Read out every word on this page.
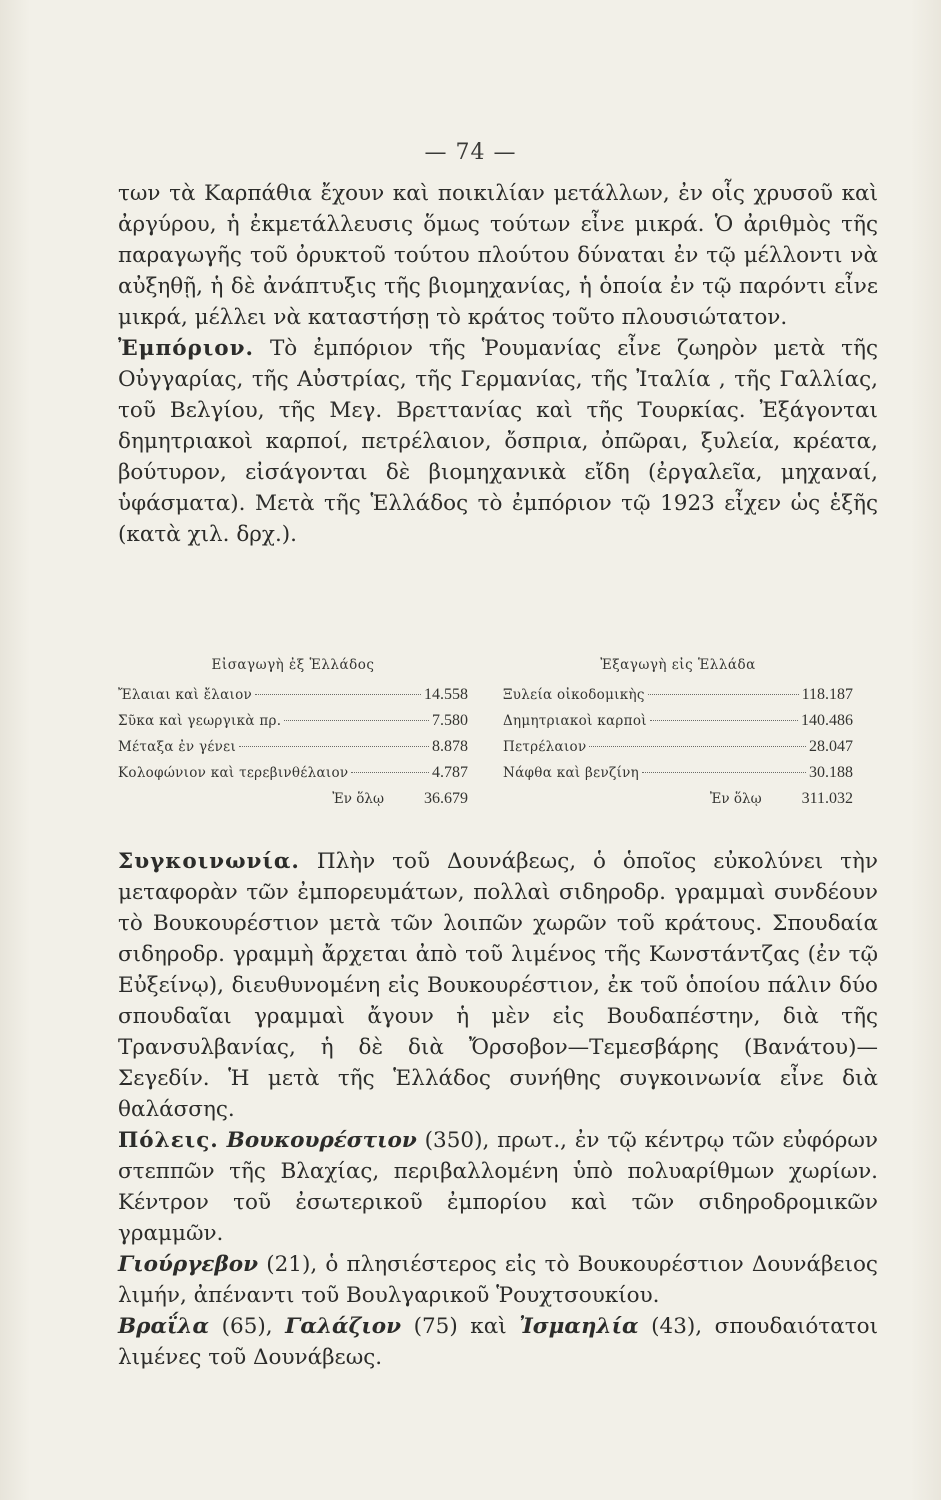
— 74 —

των τὰ Καρπάθια ἔχουν καὶ ποικιλίαν μετάλλων, ἐν οἷς χρυσοῦ καὶ ἀργύρου, ἡ ἐκμετάλλευσις ὅμως τούτων εἶνε μικρά. Ὁ ἀριθμὸς τῆς παραγωγῆς τοῦ ὀρυκτοῦ τούτου πλούτου δύναται ἐν τῷ μέλλοντι νὰ αὐξηθῇ, ἡ δὲ ἀνάπτυξις τῆς βιομηχανίας, ἡ ὁποία ἐν τῷ παρόντι εἶνε μικρά, μέλλει νὰ καταστήσῃ τὸ κράτος τοῦτο πλουσιώτατον.

Ἐμπόριον. Τὸ ἐμπόριον τῆς Ῥουμανίας εἶνε ζωηρὸν μετὰ τῆς Οὐγγαρίας, τῆς Αὐστρίας, τῆς Γερμανίας, τῆς Ἰταλία , τῆς Γαλλίας, τοῦ Βελγίου, τῆς Μεγ. Βρεττανίας καὶ τῆς Τουρκίας. Ἐξάγονται δημητριακοὶ καρποί, πετρέλαιον, ὄσπρια, ὀπῶραι, ξυλεία, κρέατα, βούτυρον, εἰσάγονται δὲ βιομηχανικὰ εἴδη (ἐργαλεῖα, μηχαναί, ὑφάσματα). Μετὰ τῆς Ἑλλάδος τὸ ἐμπόριον τῷ 1923 εἶχεν ὡς ἑξῆς (κατὰ χιλ. δρχ.).

Εἰσαγωγὴ ἐξ Ἑλλάδος
Ἔλαιαι καὶ ἔλαιον	14.558
Σῦκα καὶ γεωργικὰ πρ.	7.580
Μέταξα ἐν γένει	8.878
Κολοφώνιον καὶ τερεβινθέλαιον	4.787
Ἐν ὅλῳ	36.679
Ἐξαγωγὴ εἰς Ἑλλάδα
Ξυλεία οἰκοδομικὴς	118.187
Δημητριακοὶ καρποὶ	140.486
Πετρέλαιον	28.047
Νάφθα καὶ βενζίνη	30.188
Ἐν ὅλῳ	311.032

Συγκοινωνία. Πλὴν τοῦ Δουνάβεως, ὁ ὁποῖος εὐκολύνει τὴν μεταφορὰν τῶν ἐμπορευμάτων, πολλαὶ σιδηροδρ. γραμμαὶ συνδέουν τὸ Βουκουρέστιον μετὰ τῶν λοιπῶν χωρῶν τοῦ κράτους. Σπουδαία σιδηροδρ. γραμμὴ ἄρχεται ἀπὸ τοῦ λιμένος τῆς Κωνστάντζας (ἐν τῷ Εὐξείνῳ), διευθυνομένη εἰς Βουκουρέστιον, ἐκ τοῦ ὁποίου πάλιν δύο σπουδαῖαι γραμμαὶ ἄγουν ἡ μὲν εἰς Βουδαπέστην, διὰ τῆς Τρανσυλβανίας, ἡ δὲ διὰ Ὄρσοβον—Τεμεσβάρης (Βανάτου)—Σεγεδίν. Ἡ μετὰ τῆς Ἑλλάδος συνήθης συγκοινωνία εἶνε διὰ θαλάσσης.

Πόλεις. Βουκουρέστιον (350), πρωτ., ἐν τῷ κέντρῳ τῶν εὐφόρων στεππῶν τῆς Βλαχίας, περιβαλλομένη ὑπὸ πολυαρίθμων χωρίων. Κέντρον τοῦ ἐσωτερικοῦ ἐμπορίου καὶ τῶν σιδηροδρομικῶν γραμμῶν.

Γιούργεβον (21), ὁ πλησιέστερος εἰς τὸ Βουκουρέστιον Δουνάβειος λιμήν, ἀπέναντι τοῦ Βουλγαρικοῦ Ῥουχτσουκίου.

Βραΐλα (65), Γαλάζιον (75) καὶ Ἰσμαηλία (43), σπουδαιότατοι λιμένες τοῦ Δουνάβεως.
